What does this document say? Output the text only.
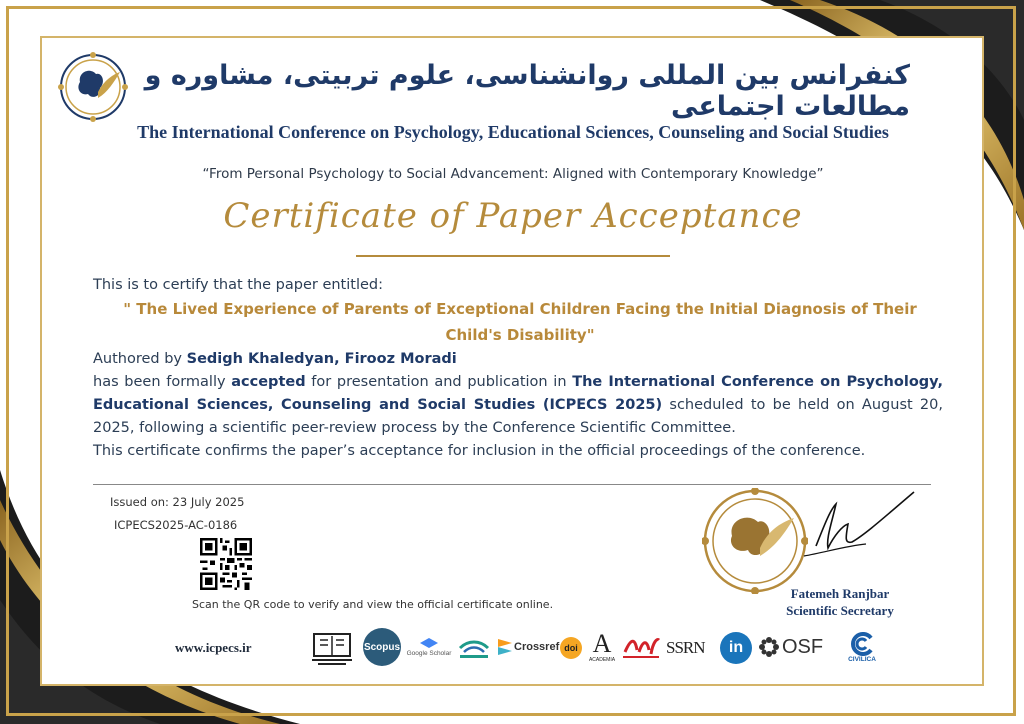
کنفرانس بین المللی روانشناسی، علوم تربیتی، مشاوره و مطالعات اجتماعی
The International Conference on Psychology, Educational Sciences, Counseling and Social Studies
“From Personal Psychology to Social Advancement: Aligned with Contemporary Knowledge”
Certificate of Paper Acceptance
This is to certify that the paper entitled:
" The Lived Experience of Parents of Exceptional Children Facing the Initial Diagnosis of Their Child's Disability"
Authored by Sedigh Khaledyan, Firooz Moradi
has been formally accepted for presentation and publication in The International Conference on Psychology, Educational Sciences, Counseling and Social Studies (ICPECS 2025) scheduled to be held on August 20, 2025, following a scientific peer-review process by the Conference Scientific Committee.
This certificate confirms the paper’s acceptance for inclusion in the official proceedings of the conference.
Issued on: 23 July 2025
ICPECS2025-AC-0186
Scan the QR code to verify and view the official certificate online.
Fatemeh Ranjbar
Scientific Secretary
www.icpecs.ir	Scopus
Google Scholar	Crossref doi A
ACADEMIA
SSRN	in	OSF
CIVILICA
